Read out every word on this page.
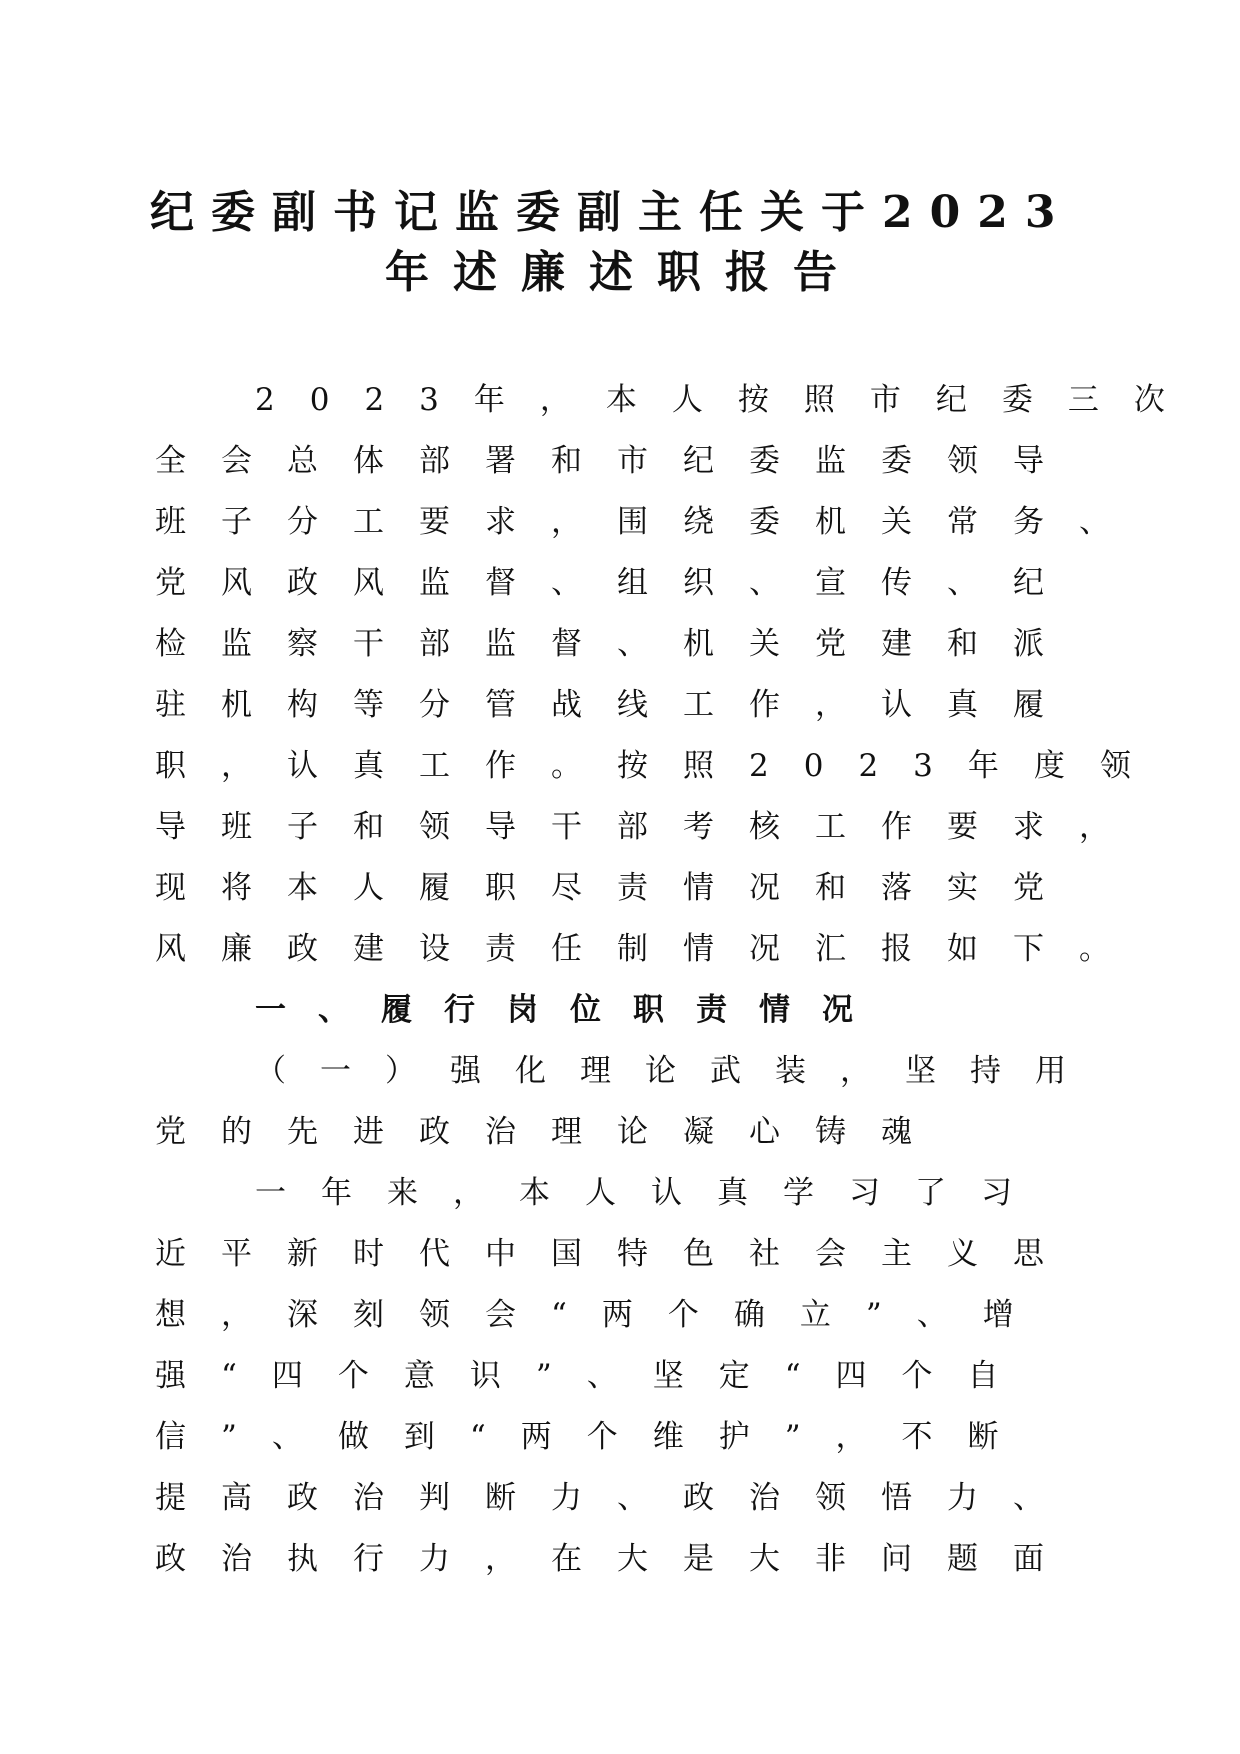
纪委副书记监委副主任关于2023
年述廉述职报告
2023年，本人按照市纪委三次
全会总体部署和市纪委监委领导
班子分工要求，围绕委机关常务、
党风政风监督、组织、宣传、纪
检监察干部监督、机关党建和派
驻机构等分管战线工作，认真履
职，认真工作。按照2023年度领
导班子和领导干部考核工作要求，
现将本人履职尽责情况和落实党
风廉政建设责任制情况汇报如下。
一、履行岗位职责情况
（一）强化理论武装，坚持用
党的先进政治理论凝心铸魂
一年来，本人认真学习了习
近平新时代中国特色社会主义思
想，深刻领会“两个确立”、增
强“四个意识”、坚定“四个自
信”、做到“两个维护”，不断
提高政治判断力、政治领悟力、
政治执行力，在大是大非问题面
